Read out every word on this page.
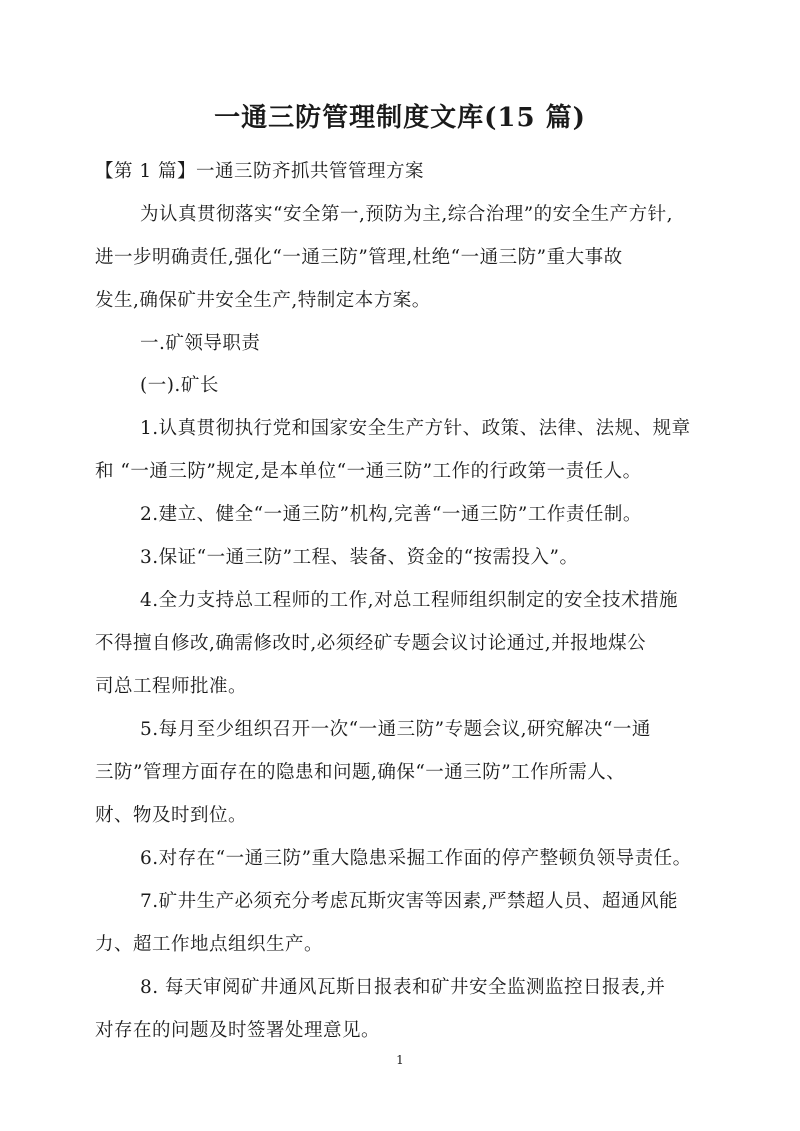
一通三防管理制度文库(15 篇)

【第 1 篇】一通三防齐抓共管管理方案

为认真贯彻落实“安全第一,预防为主,综合治理”的安全生产方针,

进一步明确责任,强化“一通三防”管理,杜绝“一通三防”重大事故

发生,确保矿井安全生产,特制定本方案。

一.矿领导职责

(一).矿长

1.认真贯彻执行党和国家安全生产方针、政策、法律、法规、规章

和 “一通三防”规定,是本单位“一通三防”工作的行政第一责任人。

2.建立、健全“一通三防”机构,完善“一通三防”工作责任制。

3.保证“一通三防”工程、装备、资金的“按需投入”。

4.全力支持总工程师的工作,对总工程师组织制定的安全技术措施

不得擅自修改,确需修改时,必须经矿专题会议讨论通过,并报地煤公

司总工程师批准。

5.每月至少组织召开一次“一通三防”专题会议,研究解决“一通

三防”管理方面存在的隐患和问题,确保“一通三防”工作所需人、

财、物及时到位。

6.对存在“一通三防”重大隐患采掘工作面的停产整顿负领导责任。

7.矿井生产必须充分考虑瓦斯灾害等因素,严禁超人员、超通风能

力、超工作地点组织生产。

8. 每天审阅矿井通风瓦斯日报表和矿井安全监测监控日报表,并

对存在的问题及时签署处理意见。

1
